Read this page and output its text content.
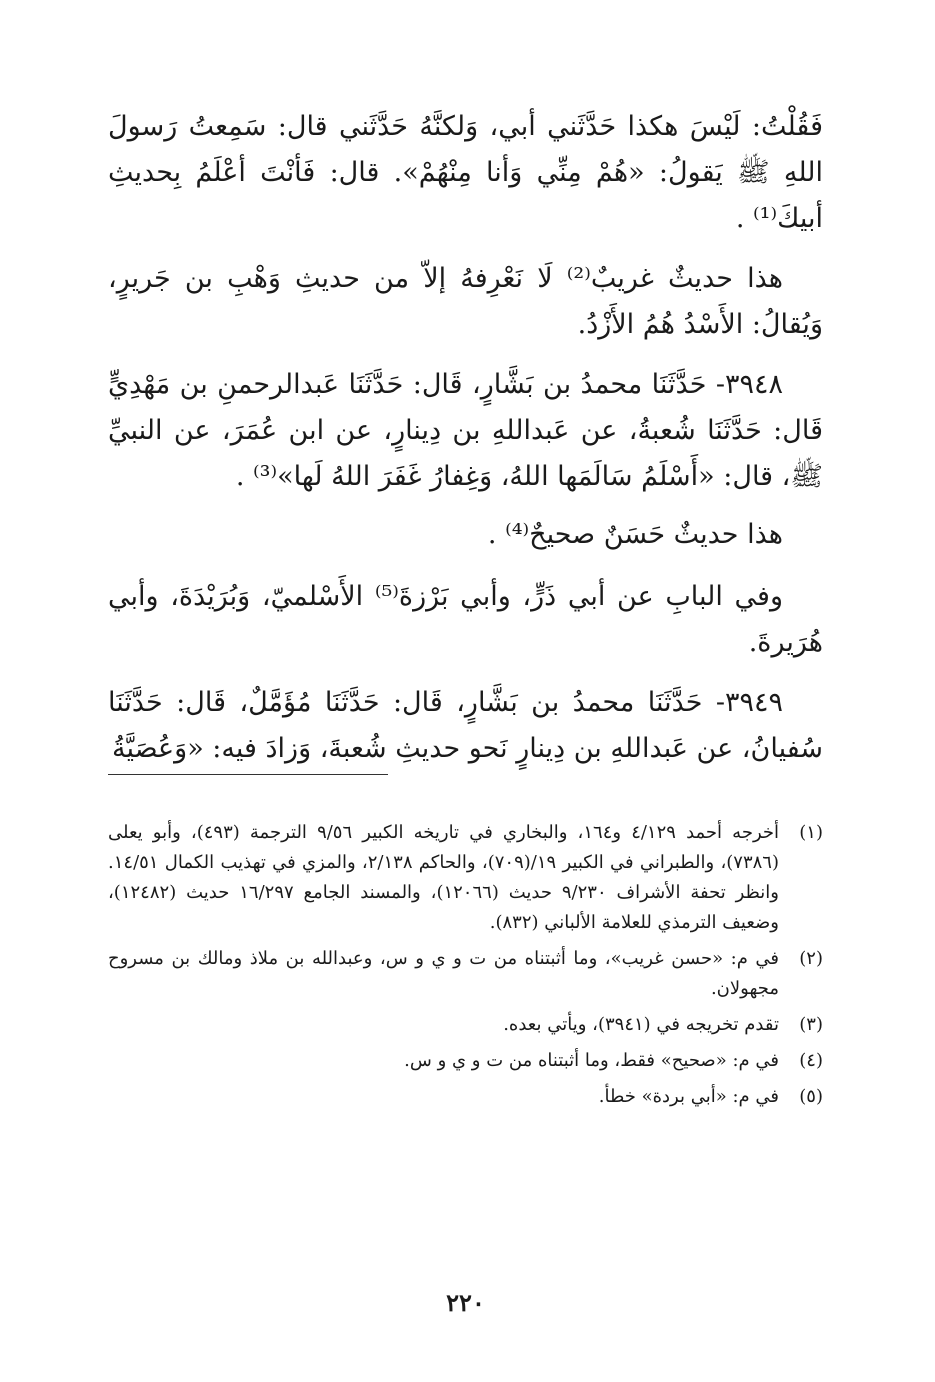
فَقُلْتُ: لَيْسَ هكذا حَدَّثَني أبي، وَلكنَّهُ حَدَّثَني قال: سَمِعتُ رَسولَ اللهِ ﷺ يَقولُ: «هُمْ مِنِّي وَأنا مِنْهُمْ». قال: فَأنْتَ أعْلَمُ بِحديثِ أبيكَ⁽¹⁾ .

هذا حديثٌ غريبٌ⁽²⁾ لَا نَعْرِفهُ إلاّ من حديثِ وَهْبِ بن جَريرٍ، وَيُقالُ: الأَسْدُ هُمُ الأَزْدُ.

٣٩٤٨- حَدَّثَنَا محمدُ بن بَشَّارٍ، قَال: حَدَّثَنَا عَبدالرحمنِ بن مَهْدِيٍّ قَال: حَدَّثَنَا شُعبةُ، عن عَبداللهِ بن دِينارٍ، عن ابن عُمَرَ، عن النبيِّ ﷺ، قال: «أَسْلَمُ سَالَمَها اللهُ، وَغِفارُ غَفَرَ اللهُ لَها»⁽³⁾ .

هذا حديثٌ حَسَنٌ صحيحٌ⁽⁴⁾ .

وفي البابِ عن أبي ذَرٍّ، وأبي بَرْزةَ⁽⁵⁾ الأَسْلميّ، وَبُرَيْدَةَ، وأبي هُرَيرةَ.

٣٩٤٩- حَدَّثَنَا محمدُ بن بَشَّارٍ، قَال: حَدَّثَنَا مُؤَمَّلٌ، قَال: حَدَّثَنَا سُفيانُ، عن عَبداللهِ بن دِينارٍ نَحو حديثِ شُعبةَ، وَزادَ فيه: «وَعُصَيَّةُ

(١)
أخرجه أحمد ٤/١٢٩ و١٦٤، والبخاري في تاريخه الكبير ٩/٥٦ الترجمة (٤٩٣)، وأبو يعلى (٧٣٨٦)، والطبراني في الكبير ١٩/(٧٠٩)، والحاكم ٢/١٣٨، والمزي في تهذيب الكمال ١٤/٥١. وانظر تحفة الأشراف ٩/٢٣٠ حديث (١٢٠٦٦)، والمسند الجامع ١٦/٢٩٧ حديث (١٢٤٨٢)، وضعيف الترمذي للعلامة الألباني (٨٣٢).
(٢)
في م: «حسن غريب»، وما أثبتناه من ت و ي و س، وعبدالله بن ملاذ ومالك بن مسروح مجهولان.
(٣)
تقدم تخريجه في (٣٩٤١)، ويأتي بعده.
(٤)
في م: «صحيح» فقط، وما أثبتناه من ت و ي و س.
(٥)
في م: «أبي بردة» خطأ.
٢٢٠
